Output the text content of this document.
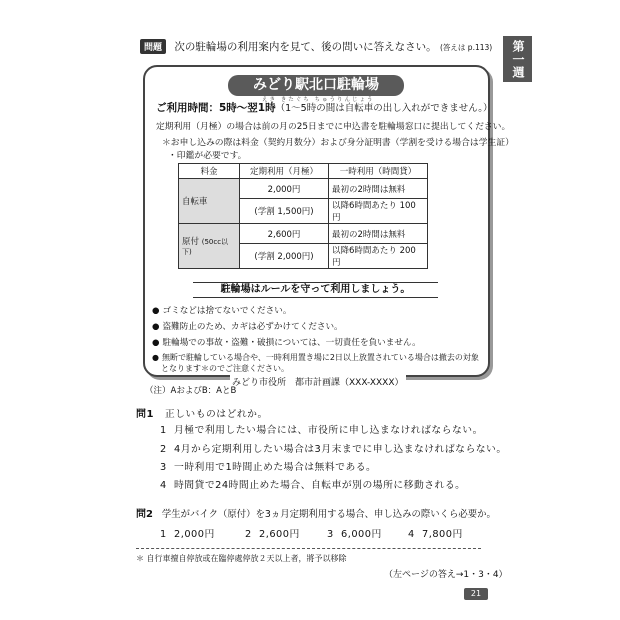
問題 次の駐輪場の利用案内を見て、後の問いに答えなさい。 (答えは p.113)	第一週
みどり駅北口駐輪場
えき きたぐち ちゅうりんじょう
ご利用時間：5時〜翌1時（1〜5時の間は自転車の出し入れができません。）
定期利用（月極）の場合は前の月の25日までに申込書を駐輪場窓口に提出してください。
＊お申し込みの際は料金（契約月数分）および身分証明書（学割を受ける場合は学生証）
・印鑑が必要です。
料金	定期利用（月極）	一時利用（時間貸）
自転車	2,000円	最初の2時間は無料
	(学割 1,500円)	以降6時間あたり 100円
原付 (50cc以下)	2,600円	最初の2時間は無料
	(学割 2,000円)	以降6時間あたり 200円
駐輪場はルールを守って利用しましょう。
● ゴミなどは捨てないでください。
● 盗難防止のため、カギは必ずかけてください。
● 駐輪場での事故・盗難・破損については、一切責任を負いません。
● 無断で駐輪している場合や、一時利用置き場に2日以上放置されている場合は撤去の対象
となります＊のでご注意ください。
みどり市役所　都市計画課（XXX-XXXX）
（注）AおよびB：AとB
問1 正しいものはどれか。
1 月極で利用したい場合には、市役所に申し込まなければならない。
2 4月から定期利用したい場合は3月末までに申し込まなければならない。
3 一時利用で1時間止めた場合は無料である。
4 時間貸で24時間止めた場合、自転車が別の場所に移動される。
問2 学生がバイク（原付）を3ヵ月定期利用する場合、申し込みの際いくら必要か。
1 2,000円	2 2,600円	3 6,000円	4 7,800円
＊ 自行車擅自停放或在臨停處停放２天以上者，將予以移除
（左ページの答え→1・3・4）
21
